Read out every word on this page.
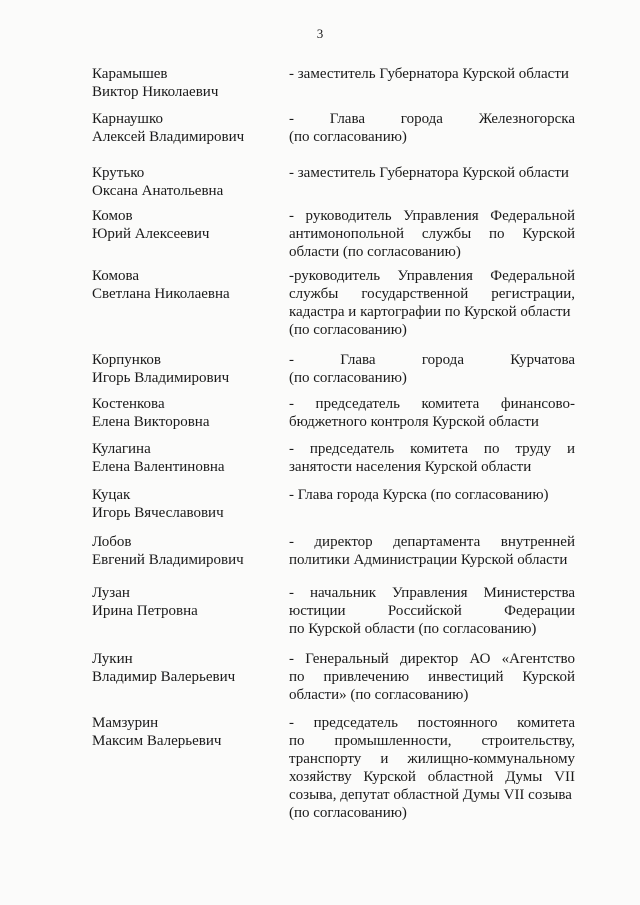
3
Карамышев
Виктор Николаевич
- заместитель Губернатора Курской области
Карнаушко
Алексей Владимирович
- Глава города Железногорска
(по согласованию)
Крутько
Оксана Анатольевна
- заместитель Губернатора Курской области
Комов
Юрий Алексеевич
- руководитель Управления Федеральной
антимонопольной службы по Курской
области (по согласованию)
Комова
Светлана Николаевна
-руководитель Управления Федеральной
службы государственной регистрации,
кадастра и картографии по Курской области
(по согласованию)
Корпунков
Игорь Владимирович
- Глава города Курчатова
(по согласованию)
Костенкова
Елена Викторовна
- председатель комитета финансово-
бюджетного контроля Курской области
Кулагина
Елена Валентиновна
- председатель комитета по труду и
занятости населения Курской области
Куцак
Игорь Вячеславович
- Глава города Курска (по согласованию)
Лобов
Евгений Владимирович
- директор департамента внутренней
политики Администрации Курской области
Лузан
Ирина Петровна
- начальник Управления Министерства
юстиции Российской Федерации
по Курской области (по согласованию)
Лукин
Владимир Валерьевич
- Генеральный директор АО «Агентство
по привлечению инвестиций Курской
области» (по согласованию)
Мамзурин
Максим Валерьевич
- председатель постоянного комитета
по промышленности, строительству,
транспорту и жилищно-коммунальному
хозяйству Курской областной Думы VII
созыва, депутат областной Думы VII созыва
(по согласованию)
